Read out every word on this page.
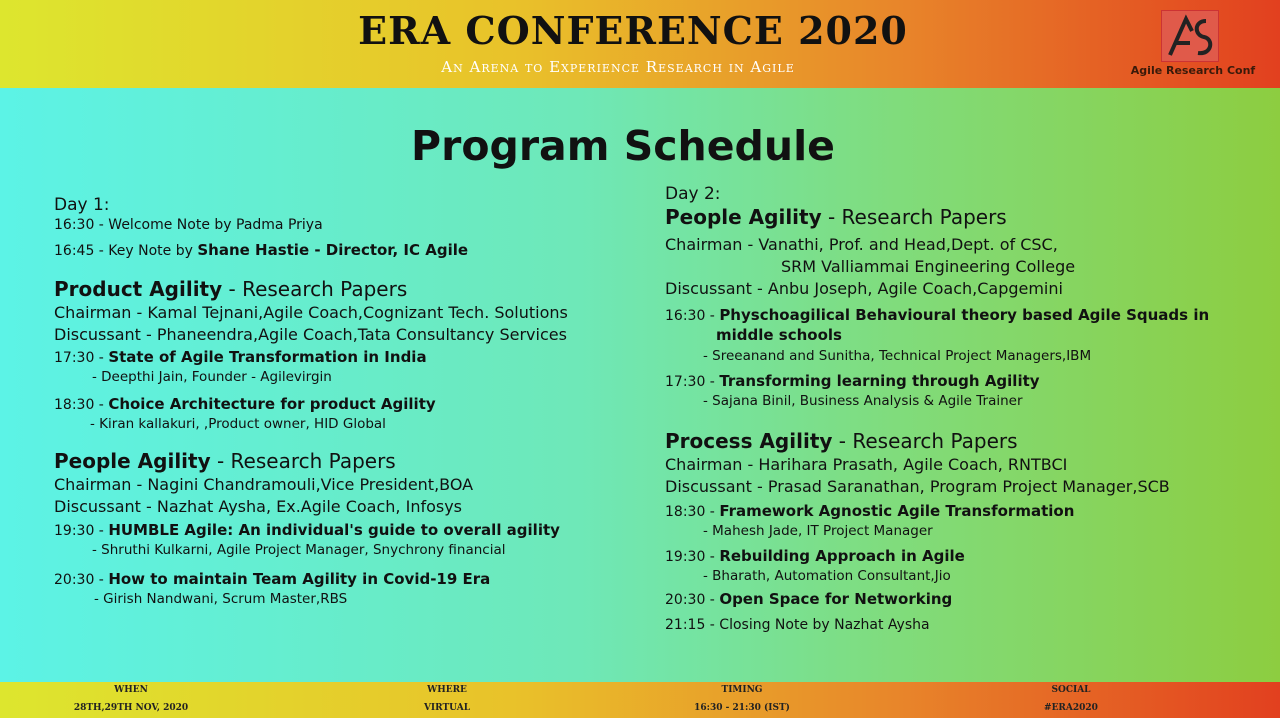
ERA CONFERENCE 2020
An Arena to Experience Research in Agile	Agile Research Conf
Program Schedule
Day 1:
16:30 - Welcome Note by Padma Priya
16:45 - Key Note by Shane Hastie - Director, IC Agile
Product Agility - Research Papers
Chairman - Kamal Tejnani,Agile Coach,Cognizant Tech. Solutions
Discussant - Phaneendra,Agile Coach,Tata Consultancy Services
17:30 - State of Agile Transformation in India
- Deepthi Jain, Founder - Agilevirgin
18:30 - Choice Architecture for product Agility
- Kiran kallakuri, ,Product owner, HID Global
People Agility - Research Papers
Chairman - Nagini Chandramouli,Vice President,BOA
Discussant - Nazhat Aysha, Ex.Agile Coach, Infosys
19:30 - HUMBLE Agile: An individual's guide to overall agility
- Shruthi Kulkarni, Agile Project Manager, Snychrony financial
20:30 - How to maintain Team Agility in Covid-19 Era
- Girish Nandwani, Scrum Master,RBS
Day 2:
People Agility - Research Papers
Chairman - Vanathi, Prof. and Head,Dept. of CSC,
SRM Valliammai Engineering College
Discussant - Anbu Joseph, Agile Coach,Capgemini
16:30 - Physchoagilical Behavioural theory based Agile Squads in middle schools
- Sreeanand and Sunitha, Technical Project Managers,IBM
17:30 - Transforming learning through Agility
- Sajana Binil, Business Analysis & Agile Trainer
Process Agility - Research Papers
Chairman - Harihara Prasath, Agile Coach, RNTBCI
Discussant - Prasad Saranathan, Program Project Manager,SCB
18:30 - Framework Agnostic Agile Transformation
- Mahesh Jade, IT Project Manager
19:30 - Rebuilding Approach in Agile
- Bharath, Automation Consultant,Jio
20:30 - Open Space for Networking
21:15 - Closing Note by Nazhat Aysha
WHEN
28TH,29TH NOV, 2020
WHERE
VIRTUAL
TIMING
16:30 - 21:30 (IST)
SOCIAL
#ERA2020
